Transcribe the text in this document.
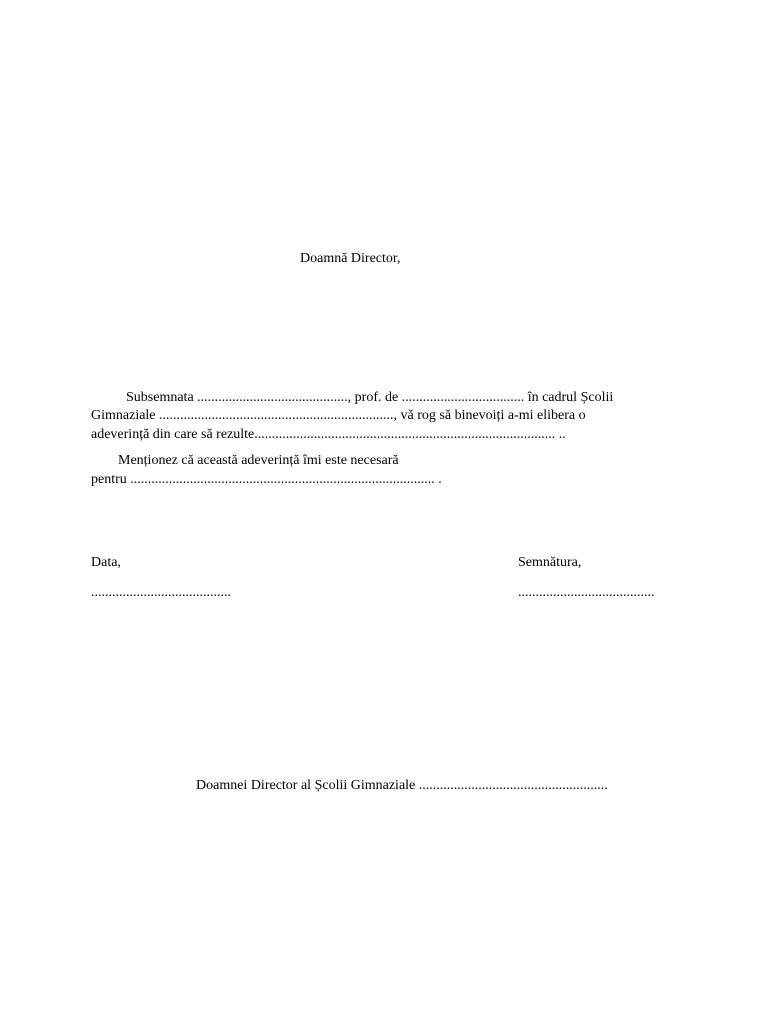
Doamnă Director,
Subsemnata ..........................................., prof. de ................................... în cadrul Școlii
Gimnaziale ..................................................................., vă rog să binevoiți a-mi elibera o
adeverință din care să rezulte...................................................................................... ..
Menționez că această adeverință îmi este necesară
pentru ....................................................................................... .
Data,
........................................
Semnătura,
.......................................
Doamnei Director al Școlii Gimnaziale ......................................................
